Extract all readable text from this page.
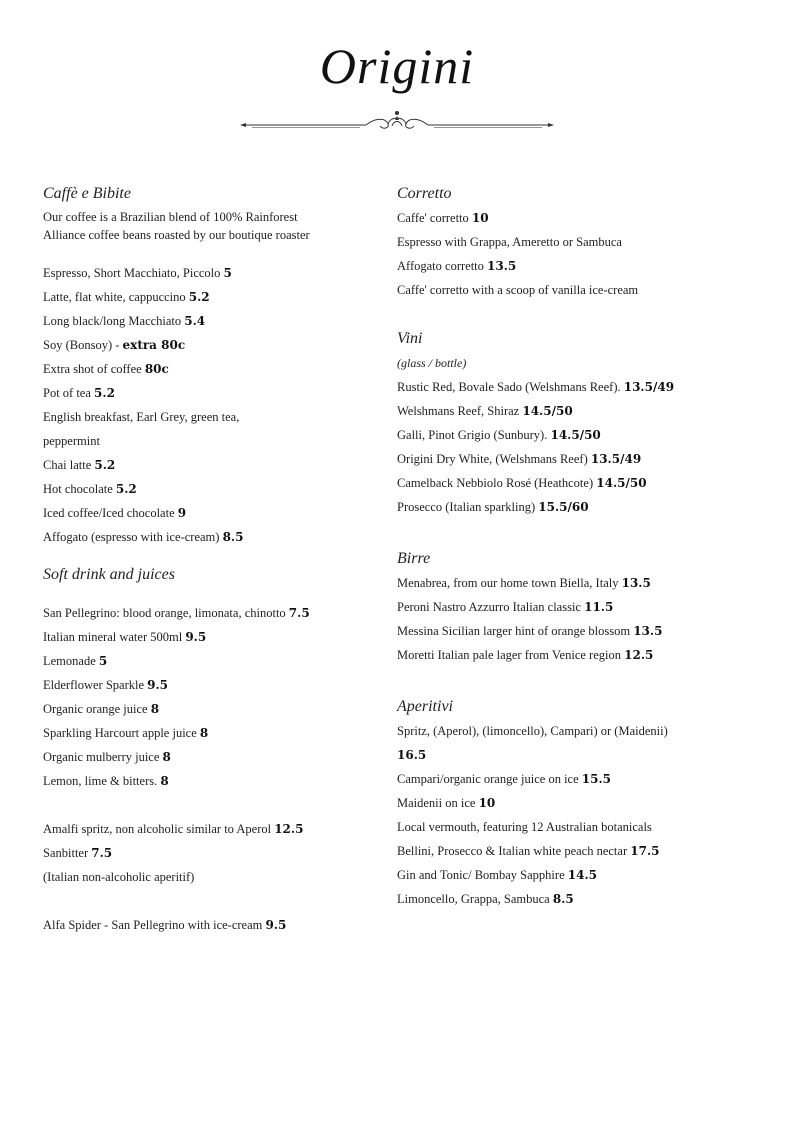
Origini
Caffè e Bibite
Our coffee is a Brazilian blend of 100% Rainforest
Alliance coffee beans roasted by our boutique roaster
Espresso, Short Macchiato, Piccolo 5
Latte, flat white, cappuccino 5.2
Long black/long Macchiato 5.4
Soy (Bonsoy) - extra 80c
Extra shot of coffee 80c
Pot of tea 5.2
English breakfast, Earl Grey, green tea,
peppermint
Chai latte 5.2
Hot chocolate 5.2
Iced coffee/Iced chocolate 9
Affogato (espresso with ice-cream) 8.5
Soft drink and juices
San Pellegrino: blood orange, limonata, chinotto 7.5
Italian mineral water 500ml 9.5
Lemonade 5
Elderflower Sparkle 9.5
Organic orange juice 8
Sparkling Harcourt apple juice 8
Organic mulberry juice 8
Lemon, lime & bitters. 8
Amalfi spritz, non alcoholic similar to Aperol 12.5
Sanbitter 7.5
(Italian non-alcoholic aperitif)
Alfa Spider - San Pellegrino with ice-cream 9.5
Corretto
Caffe' corretto 10
Espresso with Grappa, Ameretto or Sambuca
Affogato corretto 13.5
Caffe' corretto with a scoop of vanilla ice-cream
Vini
(glass / bottle)
Rustic Red, Bovale Sado (Welshmans Reef). 13.5/49
Welshmans Reef, Shiraz 14.5/50
Galli, Pinot Grigio (Sunbury). 14.5/50
Origini Dry White, (Welshmans Reef) 13.5/49
Camelback Nebbiolo Rosé (Heathcote) 14.5/50
Prosecco (Italian sparkling) 15.5/60
Birre
Menabrea, from our home town Biella, Italy 13.5
Peroni Nastro Azzurro Italian classic 11.5
Messina Sicilian larger hint of orange blossom 13.5
Moretti Italian pale lager from Venice region 12.5
Aperitivi
Spritz, (Aperol), (limoncello), Campari) or (Maidenii)
16.5
Campari/organic orange juice on ice 15.5
Maidenii on ice 10
Local vermouth, featuring 12 Australian botanicals
Bellini, Prosecco & Italian white peach nectar 17.5
Gin and Tonic/ Bombay Sapphire 14.5
Limoncello, Grappa, Sambuca 8.5
